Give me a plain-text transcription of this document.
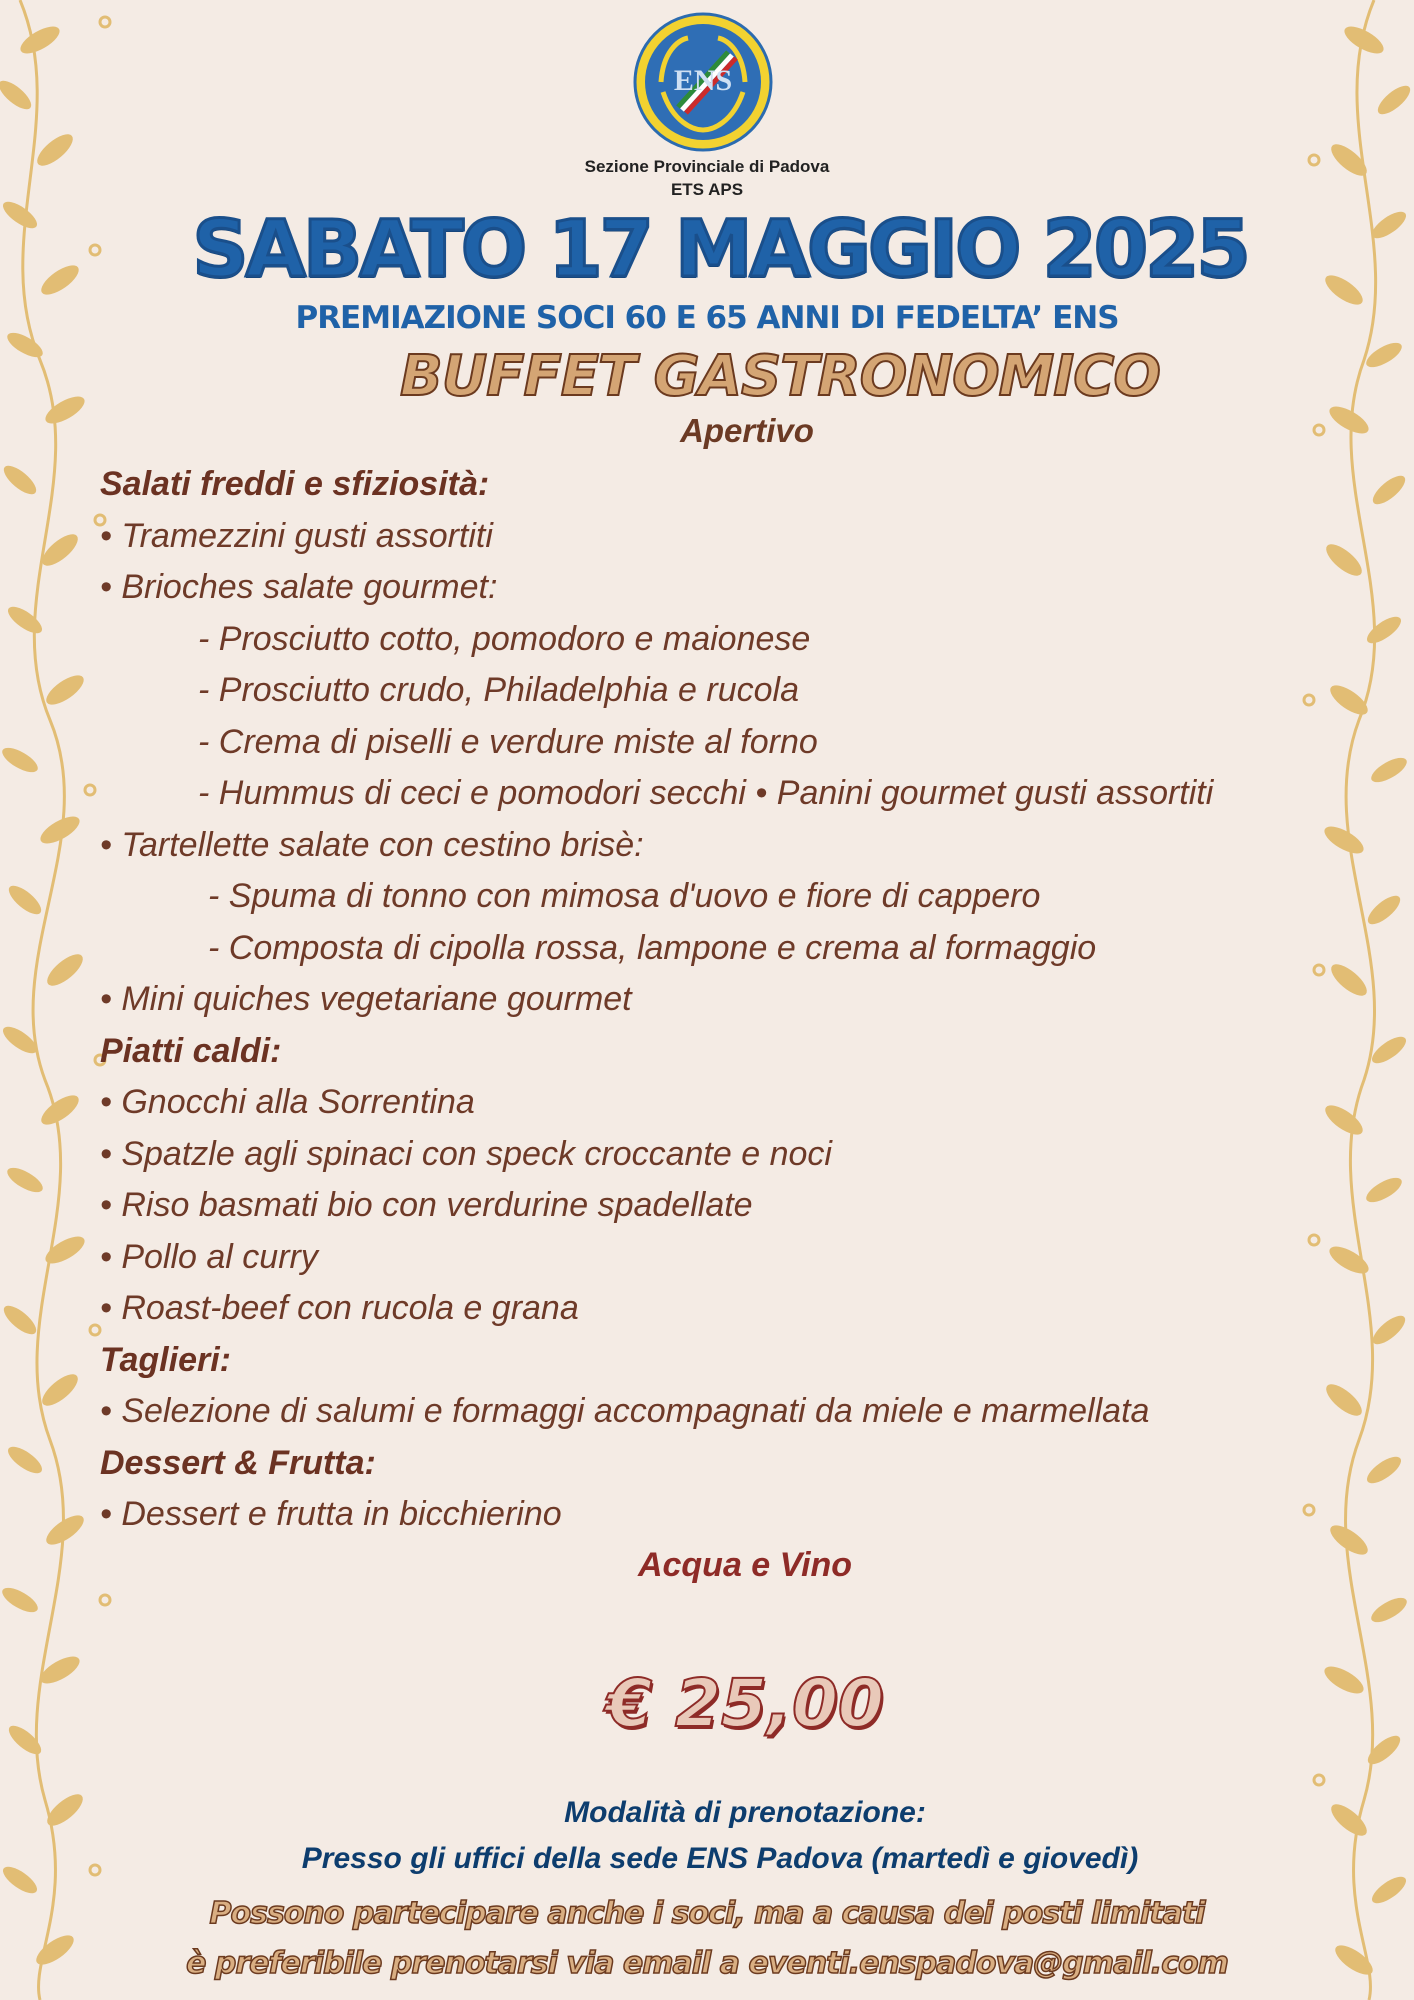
ENS
Sezione Provinciale di Padova
ETS APS
SABATO 17 MAGGIO 2025
PREMIAZIONE SOCI 60 E 65 ANNI DI FEDELTA’ ENS
BUFFET GASTRONOMICO
Apertivo
Salati freddi e sfiziosità:
• Tramezzini gusti assortiti
• Brioches salate gourmet:
- Prosciutto cotto, pomodoro e maionese
- Prosciutto crudo, Philadelphia e rucola
- Crema di piselli e verdure miste al forno
- Hummus di ceci e pomodori secchi • Panini gourmet gusti assortiti
• Tartellette salate con cestino brisè:
- Spuma di tonno con mimosa d'uovo e fiore di cappero
- Composta di cipolla rossa, lampone e crema al formaggio
• Mini quiches vegetariane gourmet
Piatti caldi:
• Gnocchi alla Sorrentina
• Spatzle agli spinaci con speck croccante e noci
• Riso basmati bio con verdurine spadellate
• Pollo al curry
• Roast-beef con rucola e grana
Taglieri:
• Selezione di salumi e formaggi accompagnati da miele e marmellata
Dessert & Frutta:
• Dessert e frutta in bicchierino
Acqua e Vino
€ 25,00
Modalità di prenotazione:
Presso gli uffici della sede ENS Padova (martedì e giovedì)
Possono partecipare anche i soci, ma a causa dei posti limitati
è preferibile prenotarsi via email a eventi.enspadova@gmail.com
